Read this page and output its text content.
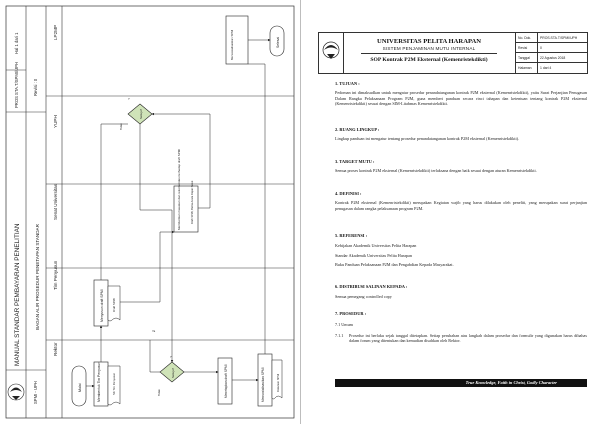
MANUAL STANDAR PEMBAYARAN PENELITIAN	BAGAN ALIR PROSEDUR PENETAPAN STANDAR
PROS STA.T/SPMI/UPH	Revisi : 0
Hal 1 dari 1
SPMI - UPH
Rektor
Tim Penyusun
Senat Universitas
YUPH
LP2MP
Mulai	Membentuk Tim Penyusun	SK Tim Penyusun
Menyusun draft SPMI	Draft SPMI
Memberikan masukan dan rekomendasi terhadap draft SPMI	Draft SPMI, Berita Acara Rapat Senat
Setuju?
?
Tidak
Setuju?
?
Tidak	Menetapkan draft SPMI	Mensosialisasikan SPMI	Dokumen SPMI
Mensosialisasikan SPMI	Selesai
Ya
UNIVERSITAS PELITA HARAPAN
SISTEM PENJAMINAN MUTU INTERNAL
SOP Kontrak P2M Eksternal (Kemenristekdikti)
No. Dok.	PROS.STA.T/SPMI/UPH
Revisi	0
Tanggal	22 Agustus 2018
Halaman 1 dari 4
1. TUJUAN :
Pedoman ini dimaksudkan untuk mengatur prosedur penandatanganan kontrak P2M eksternal (Kemenristekdikti), yaitu Surat Perjanjian Penugasan Dalam Rangka Pelaksanaan Program P2M, guna memberi panduan secara rinci tahapan dan ketentuan tentang kontrak P2M eksternal (Kemenristekdikti) sesuai dengan SIM-Litabmas Kemenristekdikti.
2. RUANG LINGKUP :
Lingkup panduan ini mengatur tentang prosedur penandatanganan kontrak P2M eksternal (Kemenristekdikti).
3. TARGET MUTU :
Semua proses kontrak P2M eksternal (Kemenristekdikti) terlaksana dengan baik sesuai dengan aturan Kemenristekdikti.
4. DEFINISI :
Kontrak P2M eksternal (Kemenristekdikti) merupakan Kegiatan wajib yang harus dilakukan oleh peneliti, yang merupakan surat perjanjian penugasan dalam rangka pelaksanaan program P2M.
5. REFERENSI :
Kebijakan Akademik Universitas Pelita Harapan
Standar Akademik Universitas Pelita Harapan
Buku Panduan Pelaksanaan P2M dan Pengabdian Kepada Masyarakat.
6. DISTRIBUSI SALINAN KEPADA :
Semua pemegang controlled copy
7. PROSEDUR :
7.1 Umum
7.1.1 Prosedur ini berlaku sejak tanggal ditetapkan. Setiap perubahan atas langkah dalam prosedur dan formulir yang digunakan harus dibahas dalam forum yang ditentukan dan kemudian disahkan oleh Rektor.
True Knowledge, Faith in Christ, Godly Character
